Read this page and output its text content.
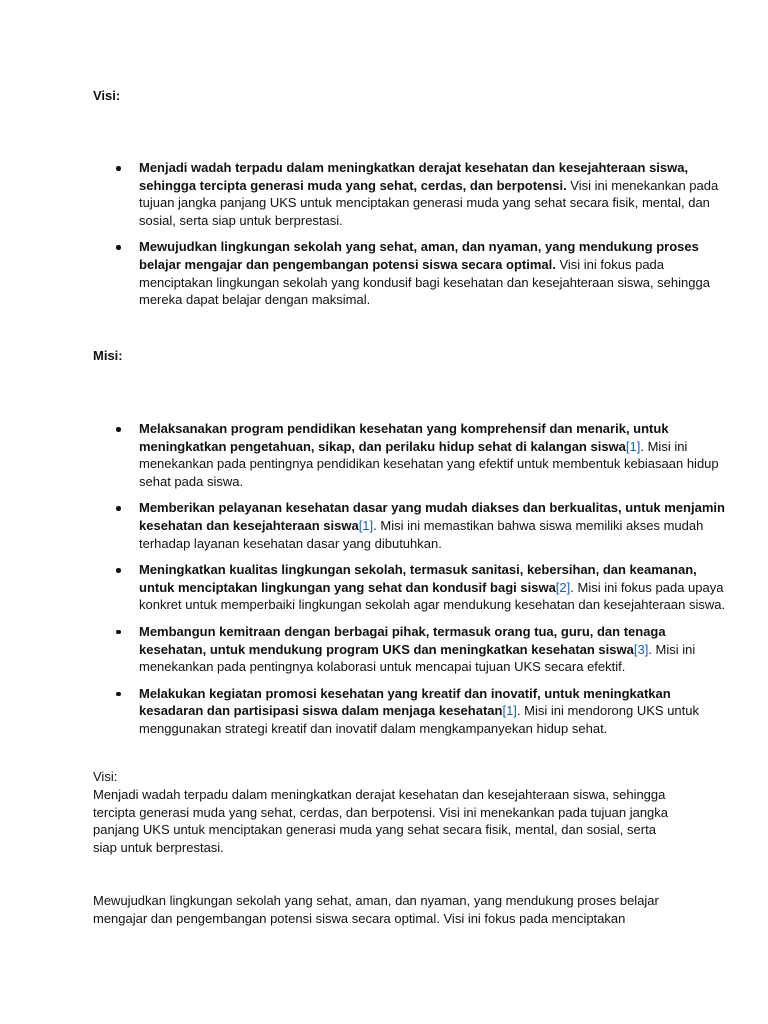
Visi:
Menjadi wadah terpadu dalam meningkatkan derajat kesehatan dan kesejahteraan siswa, sehingga tercipta generasi muda yang sehat, cerdas, dan berpotensi. Visi ini menekankan pada tujuan jangka panjang UKS untuk menciptakan generasi muda yang sehat secara fisik, mental, dan sosial, serta siap untuk berprestasi.
Mewujudkan lingkungan sekolah yang sehat, aman, dan nyaman, yang mendukung proses belajar mengajar dan pengembangan potensi siswa secara optimal. Visi ini fokus pada menciptakan lingkungan sekolah yang kondusif bagi kesehatan dan kesejahteraan siswa, sehingga mereka dapat belajar dengan maksimal.
Misi:
Melaksanakan program pendidikan kesehatan yang komprehensif dan menarik, untuk meningkatkan pengetahuan, sikap, dan perilaku hidup sehat di kalangan siswa[1]. Misi ini menekankan pada pentingnya pendidikan kesehatan yang efektif untuk membentuk kebiasaan hidup sehat pada siswa.
Memberikan pelayanan kesehatan dasar yang mudah diakses dan berkualitas, untuk menjamin kesehatan dan kesejahteraan siswa[1]. Misi ini memastikan bahwa siswa memiliki akses mudah terhadap layanan kesehatan dasar yang dibutuhkan.
Meningkatkan kualitas lingkungan sekolah, termasuk sanitasi, kebersihan, dan keamanan, untuk menciptakan lingkungan yang sehat dan kondusif bagi siswa[2]. Misi ini fokus pada upaya konkret untuk memperbaiki lingkungan sekolah agar mendukung kesehatan dan kesejahteraan siswa.
Membangun kemitraan dengan berbagai pihak, termasuk orang tua, guru, dan tenaga kesehatan, untuk mendukung program UKS dan meningkatkan kesehatan siswa[3]. Misi ini menekankan pada pentingnya kolaborasi untuk mencapai tujuan UKS secara efektif.
Melakukan kegiatan promosi kesehatan yang kreatif dan inovatif, untuk meningkatkan kesadaran dan partisipasi siswa dalam menjaga kesehatan[1]. Misi ini mendorong UKS untuk menggunakan strategi kreatif dan inovatif dalam mengkampanyekan hidup sehat.
Visi:

Menjadi wadah terpadu dalam meningkatkan derajat kesehatan dan kesejahteraan siswa, sehingga tercipta generasi muda yang sehat, cerdas, dan berpotensi. Visi ini menekankan pada tujuan jangka panjang UKS untuk menciptakan generasi muda yang sehat secara fisik, mental, dan sosial, serta siap untuk berprestasi.

Mewujudkan lingkungan sekolah yang sehat, aman, dan nyaman, yang mendukung proses belajar mengajar dan pengembangan potensi siswa secara optimal. Visi ini fokus pada menciptakan
